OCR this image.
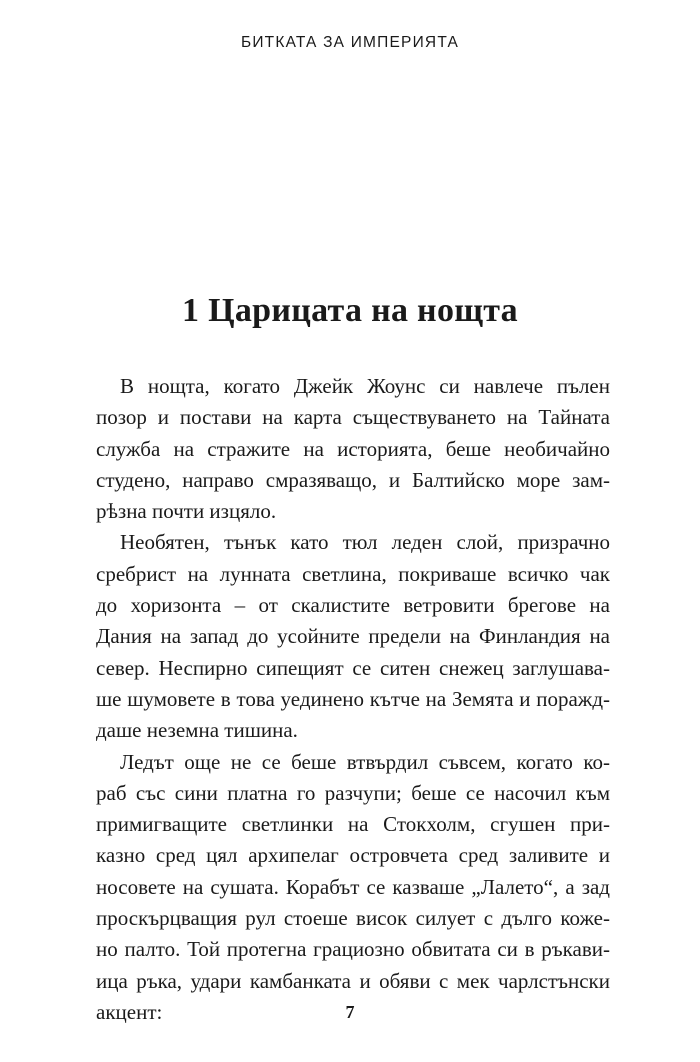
БИТКАТА ЗА ИМПЕРИЯТА
1 Царицата на нощта
В нощта, когато Джейк Жоунс си навлече пълен
позор и постави на карта съществуването на Тайната
служба на стражите на историята, беше необичайно
студено, направо смразяващо, и Балтийско море зам-
рѣзна почти изцяло.
Необятен, тънък като тюл леден слой, призрачно
сребрист на лунната светлина, покриваше всичко чак
до хоризонта – от скалистите ветровити брегове на
Дания на запад до усойните предели на Финландия на
север. Неспирно сипещият се ситен снежец заглушава-
ше шумовете в това уединено кътче на Земята и поражд-
даше неземна тишина.
Ледът още не се беше втвърдил съвсем, когато ко-
раб със сини платна го разчупи; беше се насочил към
примигващите светлинки на Стокхолм, сгушен при-
казно сред цял архипелаг островчета сред заливите и
носовете на сушата. Корабът се казваше „Лалето“, а зад
проскърцващия рул стоеше висок силует с дълго коже-
но палто. Той протегна грациозно обвитата си в ръкави-
ица ръка, удари камбанката и обяви с мек чарлстънски
акцент:	7
